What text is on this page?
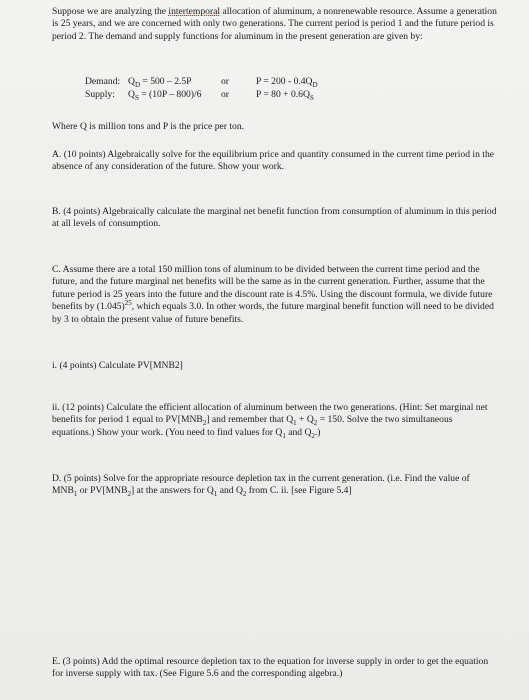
Suppose we are analyzing the intertemporal allocation of aluminum, a nonrenewable resource. Assume a generation is 25 years, and we are concerned with only two generations. The current period is period 1 and the future period is period 2. The demand and supply functions for aluminum in the present generation are given by:

Demand: $Q_D = 500 - 2.5P$	or	$P = 200 - 0.4Q_D$
Supply: $Q_S = (10P - 800)/6$ or	$P = 80 + 0.6Q_S$

Where Q is million tons and P is the price per ton.

A. (10 points) Algebraically solve for the equilibrium price and quantity consumed in the current time period in the absence of any consideration of the future. Show your work.

B. (4 points) Algebraically calculate the marginal net benefit function from consumption of aluminum in this period at all levels of consumption.

C. Assume there are a total 150 million tons of aluminum to be divided between the current time period and the future, and the future marginal net benefits will be the same as in the current generation. Further, assume that the future period is 25 years into the future and the discount rate is 4.5%. Using the discount formula, we divide future benefits by $(1.045)^{25}$, which equals 3.0. In other words, the future marginal benefit function will need to be divided by 3 to obtain the present value of future benefits.

i. (4 points) Calculate PV[MNB2]

ii. (12 points) Calculate the efficient allocation of aluminum between the two generations. (Hint: Set marginal net benefits for period 1 equal to $PV[MNB_2]$ and remember that $Q_1 + Q_2 = 150$. Solve the two simultaneous equations.) Show your work. (You need to find values for $Q_1$ and $Q_2$.)

D. (5 points) Solve for the appropriate resource depletion tax in the current generation. (i.e. Find the value of $MNB_1$ or $PV[MNB_2]$ at the answers for $Q_1$ and $Q_2$ from C. ii. [see Figure 5.4]

E. (3 points) Add the optimal resource depletion tax to the equation for inverse supply in order to get the equation for inverse supply with tax. (See Figure 5.6 and the corresponding algebra.)
